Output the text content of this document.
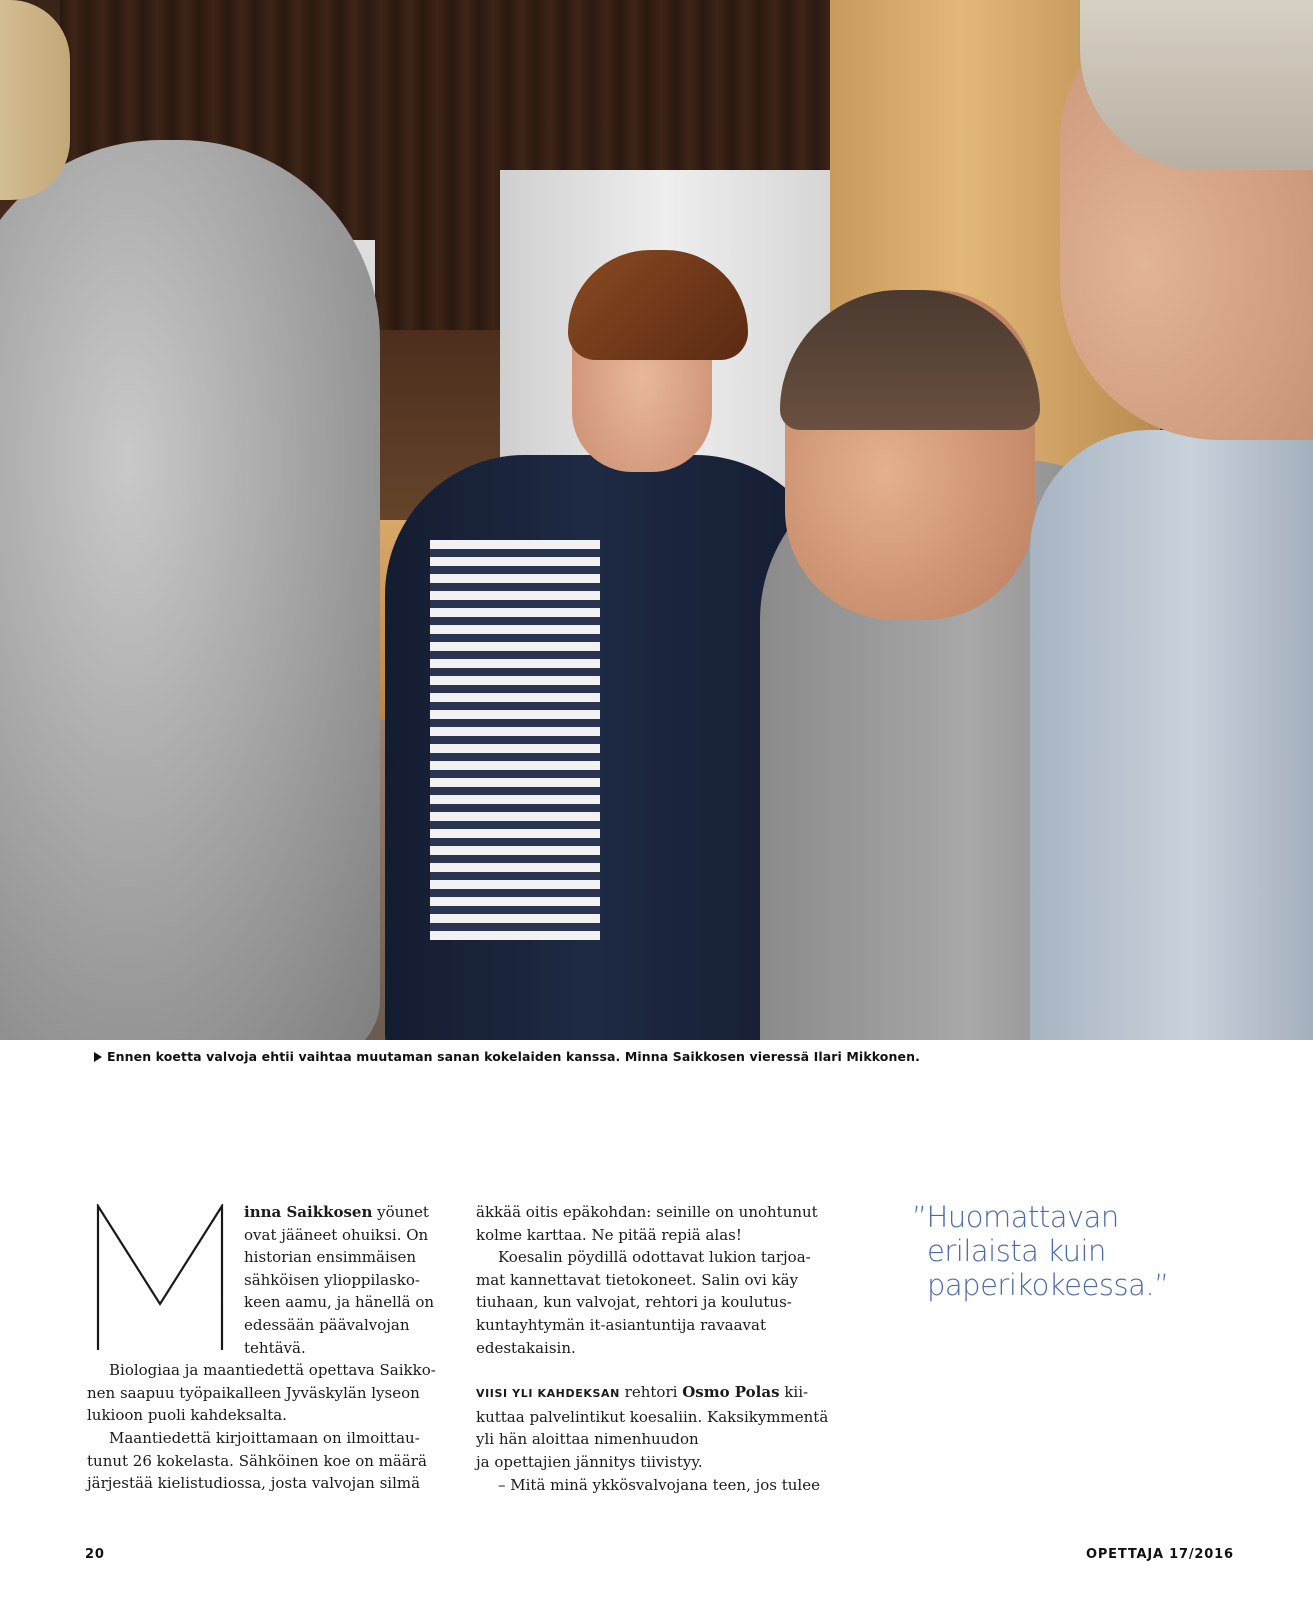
Ennen koetta valvoja ehtii vaihtaa muutaman sanan kokelaiden kanssa. Minna Saikkosen vieressä Ilari Mikkonen.

inna Saikkosen yöunet

ovat jääneet ohuiksi. On

historian ensimmäisen

sähköisen ylioppilasko-

keen aamu, ja hänellä on

edessään päävalvojan

tehtävä.

Biologiaa ja maantiedettä opettava Saikko-

nen saapuu työpaikalleen Jyväskylän lyseon

lukioon puoli kahdeksalta.

Maantiedettä kirjoittamaan on ilmoittau-

tunut 26 kokelasta. Sähköinen koe on määrä

järjestää kielistudiossa, josta valvojan silmä

äkkää oitis epäkohdan: seinille on unohtunut

kolme karttaa. Ne pitää repiä alas!

Koesalin pöydillä odottavat lukion tarjoa-

mat kannettavat tietokoneet. Salin ovi käy

tiuhaan, kun valvojat, rehtori ja koulutus-

kuntayhtymän it-asiantuntija ravaavat

edestakaisin.

VIISI YLI KAHDEKSAN rehtori Osmo Polas kii-

kuttaa palvelintikut koesaliin. Kaksikymmentä

yli hän aloittaa nimenhuudon

ja opettajien jännitys tiivistyy.

– Mitä minä ykkösvalvojana teen, jos tulee

”Huomattavan
erilaista kuin
paperikokeessa.”
20	OPETTAJA 17/2016
